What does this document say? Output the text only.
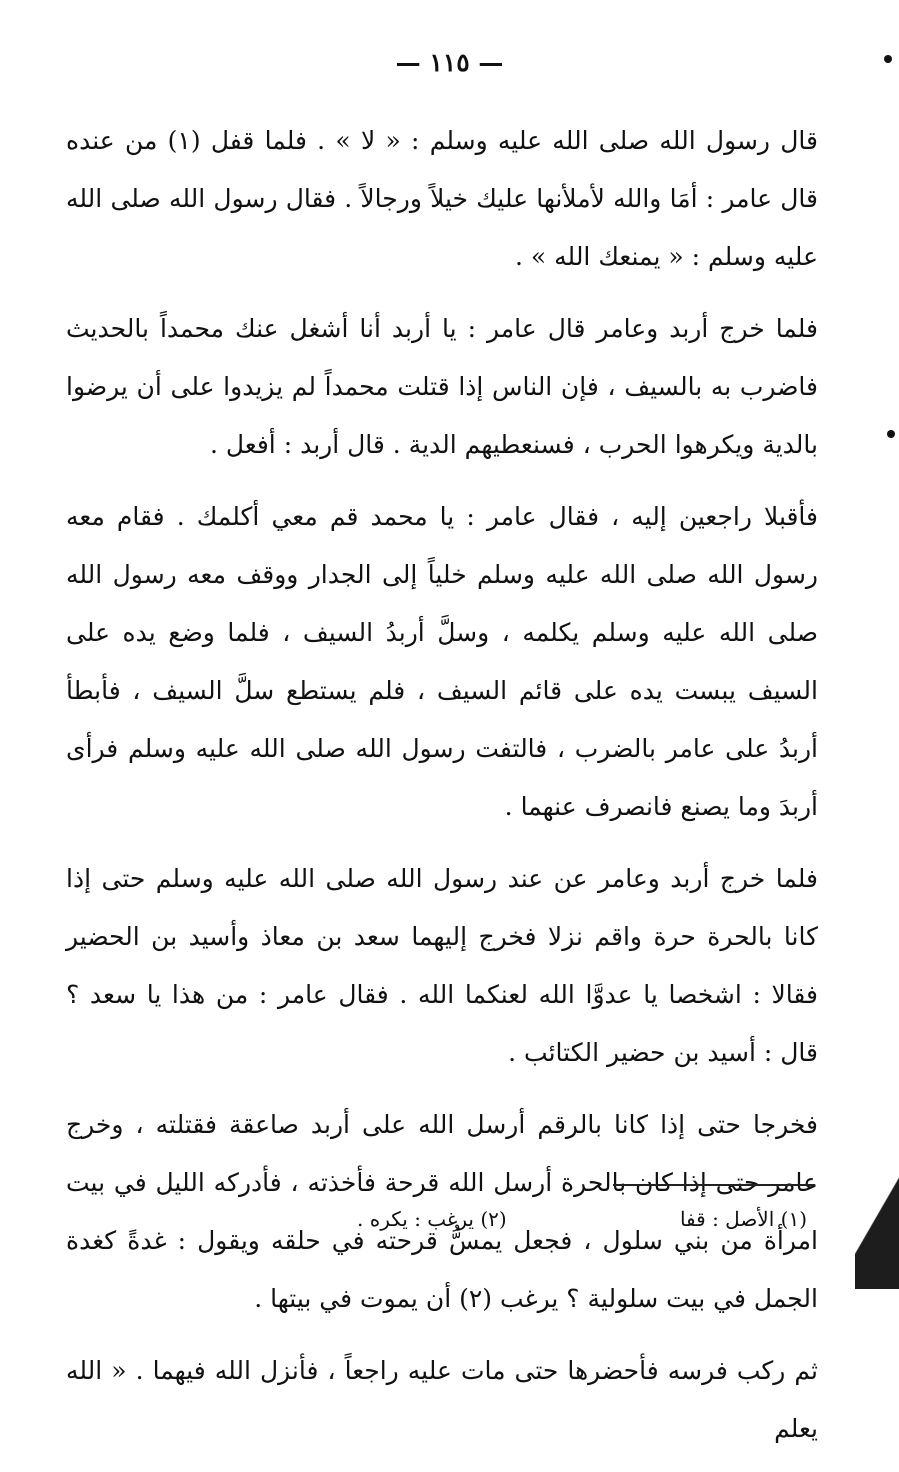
— ١١٥ —

قال رسول الله صلى الله عليه وسلم : « لا » . فلما قفل (١) من عنده قال عامر : أمَا والله لأملأنها عليك خيلاً ورجالاً . فقال رسول الله صلى الله عليه وسلم : « يمنعك الله » .

فلما خرج أربد وعامر قال عامر : يا أربد أنا أشغل عنك محمداً بالحديث فاضرب به بالسيف ، فإن الناس إذا قتلت محمداً لم يزيدوا على أن يرضوا بالدية ويكرهوا الحرب ، فسنعطيهم الدية . قال أربد : أفعل .

فأقبلا راجعين إليه ، فقال عامر : يا محمد قم معي أكلمك . فقام معه رسول الله صلى الله عليه وسلم خلياً إلى الجدار ووقف معه رسول الله صلى الله عليه وسلم يكلمه ، وسلَّ أربدُ السيف ، فلما وضع يده على السيف يبست يده على قائم السيف ، فلم يستطع سلَّ السيف ، فأبطأ أربدُ على عامر بالضرب ، فالتفت رسول الله صلى الله عليه وسلم فرأى أربدَ وما يصنع فانصرف عنهما .

فلما خرج أربد وعامر عن عند رسول الله صلى الله عليه وسلم حتى إذا كانا بالحرة حرة واقم نزلا فخرج إليهما سعد بن معاذ وأسيد بن الحضير فقالا : اشخصا يا عدوَّا الله لعنكما الله . فقال عامر : من هذا يا سعد ؟ قال : أسيد بن حضير الكتائب .

فخرجا حتى إذا كانا بالرقم أرسل الله على أربد صاعقة فقتلته ، وخرج عامر حتى إذا كان بالحرة أرسل الله قرحة فأخذته ، فأدركه الليل في بيت امرأة من بني سلول ، فجعل يمسُّ قرحته في حلقه ويقول : غدةً كغدة الجمل في بيت سلولية ؟ يرغب (٢) أن يموت في بيتها .

ثم ركب فرسه فأحضرها حتى مات عليه راجعاً ، فأنزل الله فيهما . « الله يعلم

(١) الأصل : قفا
(٢) يرغب : يكره .
